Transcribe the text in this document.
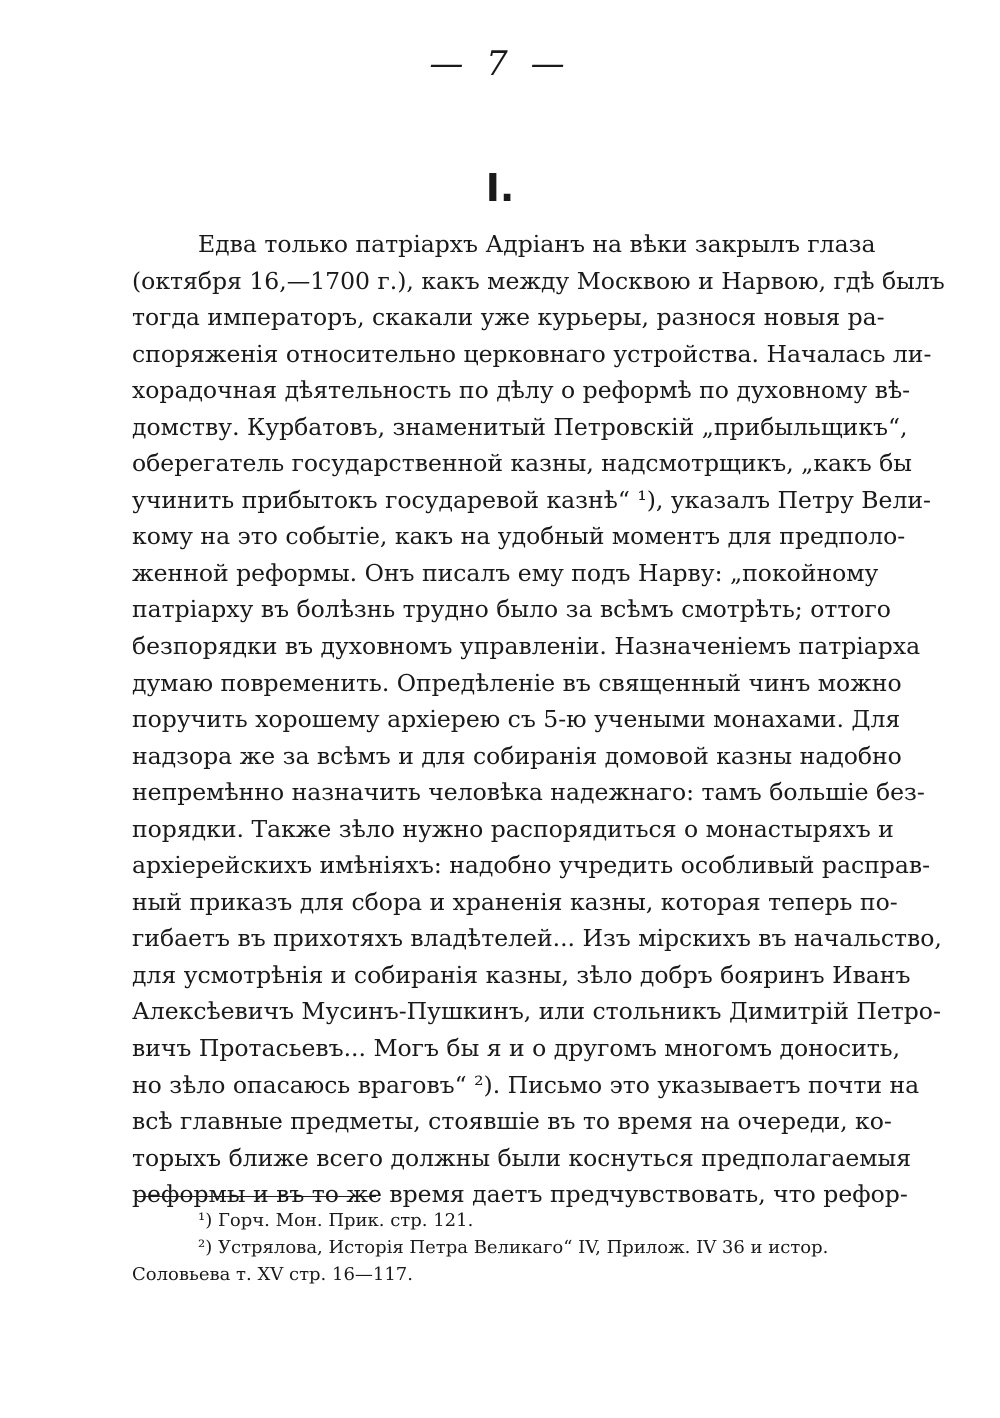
— 7 —
I.
Едва только патріархъ Адріанъ на вѣки закрылъ глаза
(октября 16,—1700 г.), какъ между Москвою и Нарвою, гдѣ былъ
тогда императоръ, скакали уже курьеры, разнося новыя ра-
споряженія относительно церковнаго устройства. Началась ли-
хорадочная дѣятельность по дѣлу о реформѣ по духовному вѣ-
домству. Курбатовъ, знаменитый Петровскій „прибыльщикъ“,
оберегатель государственной казны, надсмотрщикъ, „какъ бы
учинить прибытокъ государевой казнѣ“ ¹), указалъ Петру Вели-
кому на это событіе, какъ на удобный моментъ для предполо-
женной реформы. Онъ писалъ ему подъ Нарву: „покойному
патріарху въ болѣзнь трудно было за всѣмъ смотрѣть; оттого
безпорядки въ духовномъ управленіи. Назначеніемъ патріарха
думаю повременить. Опредѣленіе въ священный чинъ можно
поручить хорошему архіерею съ 5-ю учеными монахами. Для
надзора же за всѣмъ и для собиранія домовой казны надобно
непремѣнно назначить человѣка надежнаго: тамъ большіе без-
порядки. Также зѣло нужно распорядиться о монастыряхъ и
архіерейскихъ имѣніяхъ: надобно учредить особливый расправ-
ный приказъ для сбора и храненія казны, которая теперь по-
гибаетъ въ прихотяхъ владѣтелей... Изъ мірскихъ въ начальство,
для усмотрѣнія и собиранія казны, зѣло добръ бояринъ Иванъ
Алексѣевичъ Мусинъ-Пушкинъ, или стольникъ Димитрій Петро-
вичъ Протасьевъ... Могъ бы я и о другомъ многомъ доносить,
но зѣло опасаюсь враговъ“ ²). Письмо это указываетъ почти на
всѣ главные предметы, стоявшіе въ то время на очереди, ко-
торыхъ ближе всего должны были коснуться предполагаемыя
реформы и въ то же время даетъ предчувствовать, что рефор-
¹) Горч. Мон. Прик. стр. 121.
²) Устрялова, Исторія Петра Великаго“ IV, Прилож. IV 36 и истор.
Соловьева т. XV стр. 16—117.
